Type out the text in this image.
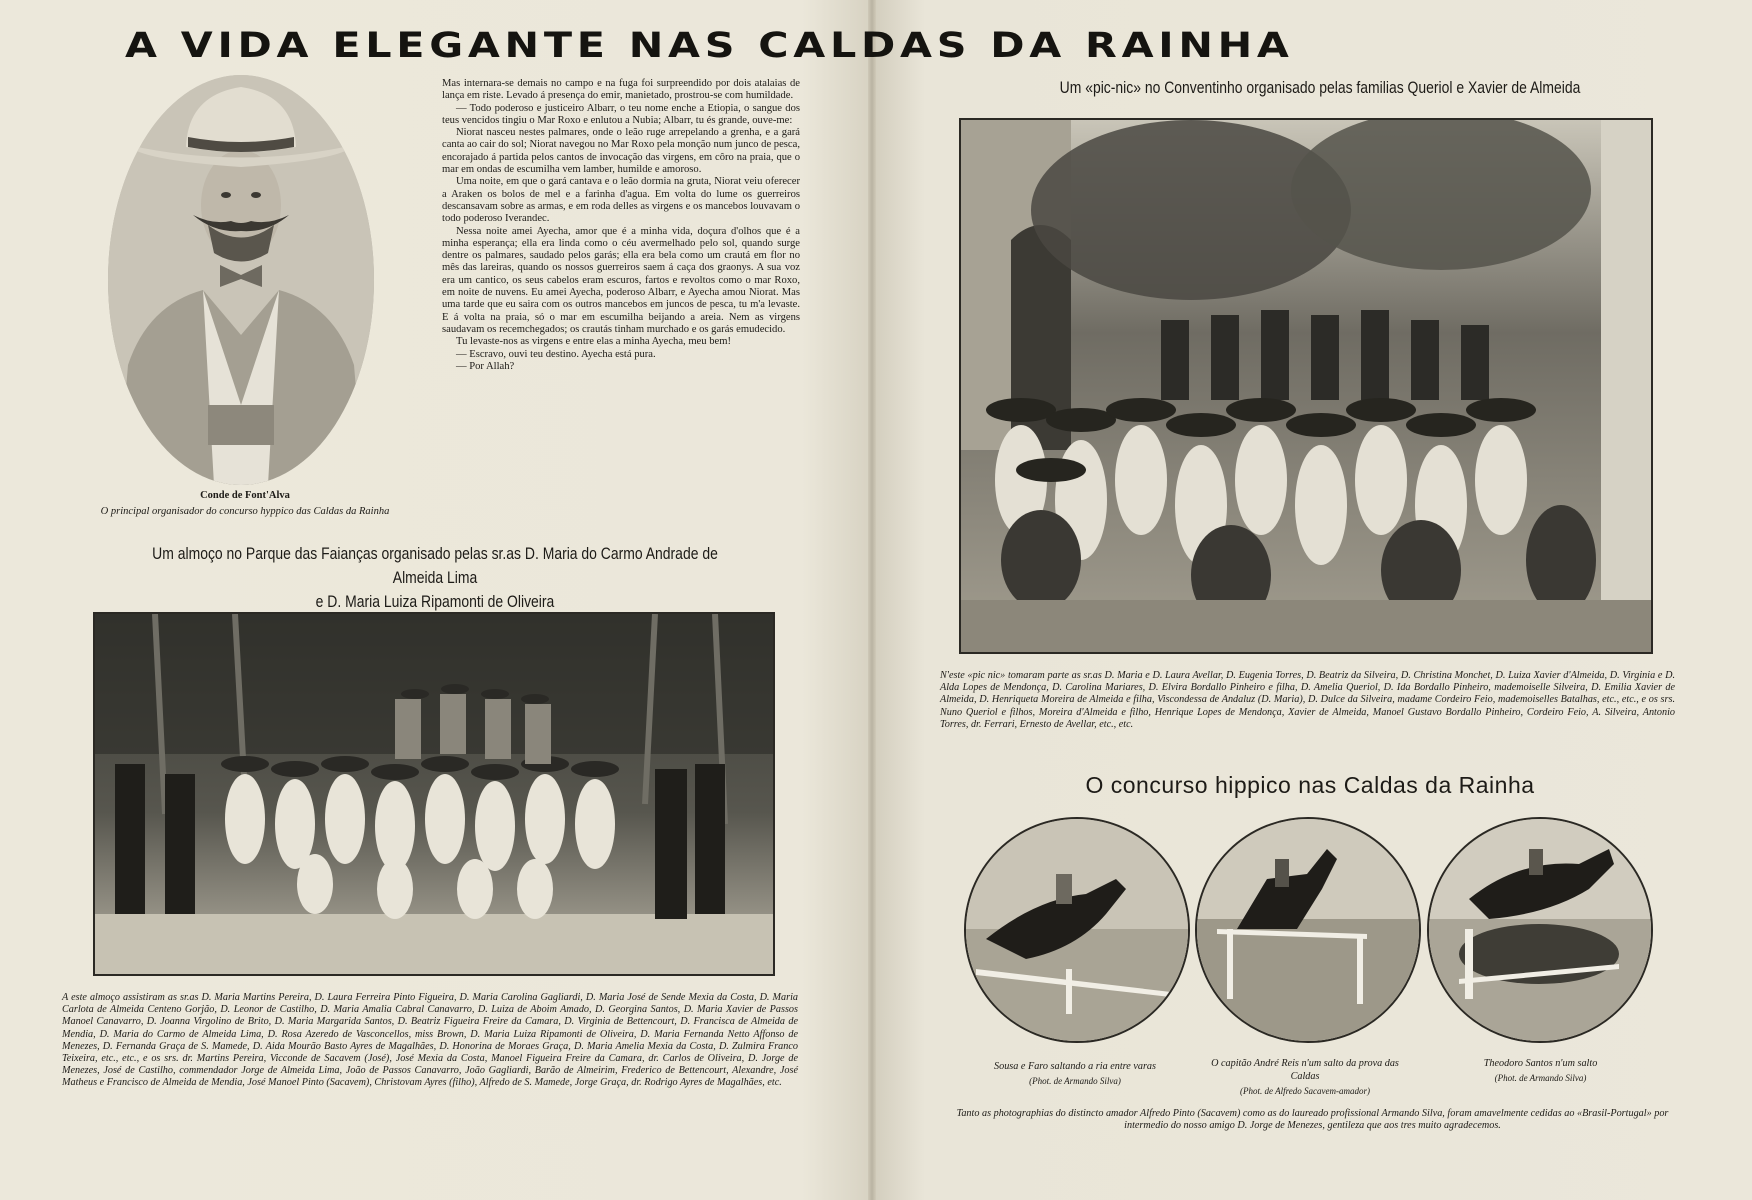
A VIDA ELEGANTE NAS CALDAS DA RAINHA
Conde de Font'Alva
O principal organisador do concurso hyppico das Caldas da Rainha

Mas internara-se demais no campo e na fuga foi surpreendido por dois atalaias de lança em riste. Levado á presença do emir, manietado, prostrou-se com humildade.

— Todo poderoso e justiceiro Albarr, o teu nome enche a Etiopia, o sangue dos teus vencidos tingiu o Mar Roxo e enlutou a Nubia; Albarr, tu és grande, ouve-me:

Niorat nasceu nestes palmares, onde o leão ruge arrepelando a grenha, e a gará canta ao cair do sol; Niorat navegou no Mar Roxo pela monção num junco de pesca, encorajado á partida pelos cantos de invocação das virgens, em côro na praia, que o mar em ondas de escumilha vem lamber, humilde e amoroso.

Uma noite, em que o gará cantava e o leão dormia na gruta, Niorat veiu oferecer a Araken os bolos de mel e a farinha d'agua. Em volta do lume os guerreiros descansavam sobre as armas, e em roda delles as virgens e os mancebos louvavam o todo poderoso Iverandec.

Nessa noite amei Ayecha, amor que é a minha vida, doçura d'olhos que é a minha esperança; ella era linda como o céu avermelhado pelo sol, quando surge dentre os palmares, saudado pelos garás; ella era bela como um crautá em flor no mês das lareiras, quando os nossos guerreiros saem á caça dos graonys. A sua voz era um cantico, os seus cabelos eram escuros, fartos e revoltos como o mar Roxo, em noite de nuvens. Eu amei Ayecha, poderoso Albarr, e Ayecha amou Niorat. Mas uma tarde que eu saira com os outros mancebos em juncos de pesca, tu m'a levaste. E á volta na praia, só o mar em escumilha beijando a areia. Nem as virgens saudavam os recemchegados; os crautás tinham murchado e os garás emudecido.

Tu levaste-nos as virgens e entre elas a minha Ayecha, meu bem!

— Escravo, ouvi teu destino. Ayecha está pura.

— Por Allah?

Um almoço no Parque das Faianças organisado pelas sr.as D. Maria do Carmo Andrade de Almeida Lima
e D. Maria Luiza Ripamonti de Oliveira
A este almoço assistiram as sr.as D. Maria Martins Pereira, D. Laura Ferreira Pinto Figueira, D. Maria Carolina Gagliardi, D. Maria José de Sende Mexia da Costa, D. Maria Carlota de Almeida Centeno Gorjão, D. Leonor de Castilho, D. Maria Amalia Cabral Canavarro, D. Luiza de Aboim Amado, D. Georgina Santos, D. Maria Xavier de Passos Manoel Canavarro, D. Joanna Virgolino de Brito, D. Maria Margarida Santos, D. Beatriz Figueira Freire da Camara, D. Virginia de Bettencourt, D. Francisca de Almeida de Mendia, D. Maria do Carmo de Almeida Lima, D. Rosa Azeredo de Vasconcellos, miss Brown, D. Maria Luiza Ripamonti de Oliveira, D. Maria Fernanda Netto Affonso de Menezes, D. Fernanda Graça de S. Mamede, D. Aida Mourão Basto Ayres de Magalhães, D. Honorina de Moraes Graça, D. Maria Amelia Mexia da Costa, D. Zulmira Franco Teixeira, etc., etc., e os srs. dr. Martins Pereira, Vicconde de Sacavem (José), José Mexia da Costa, Manoel Figueira Freire da Camara, dr. Carlos de Oliveira, D. Jorge de Menezes, José de Castilho, commendador Jorge de Almeida Lima, João de Passos Canavarro, João Gagliardi, Barão de Almeirim, Frederico de Bettencourt, Alexandre, José Matheus e Francisco de Almeida de Mendia, José Manoel Pinto (Sacavem), Christovam Ayres (filho), Alfredo de S. Mamede, Jorge Graça, dr. Rodrigo Ayres de Magalhães, etc.
Um «pic-nic» no Conventinho organisado pelas familias Queriol e Xavier de Almeida
N'este «pic nic» tomaram parte as sr.as D. Maria e D. Laura Avellar, D. Eugenia Torres, D. Beatriz da Silveira, D. Christina Monchet, D. Luiza Xavier d'Almeida, D. Virginia e D. Alda Lopes de Mendonça, D. Carolina Mariares, D. Elvira Bordallo Pinheiro e filha, D. Amelia Queriol, D. Ida Bordallo Pinheiro, mademoiselle Silveira, D. Emilia Xavier de Almeida, D. Henriqueta Moreira de Almeida e filha, Viscondessa de Andaluz (D. Maria), D. Dulce da Silveira, madame Cordeiro Feio, mademoiselles Batalhas, etc., etc., e os srs. Nuno Queriol e filhos, Moreira d'Almeida e filho, Henrique Lopes de Mendonça, Xavier de Almeida, Manoel Gustavo Bordallo Pinheiro, Cordeiro Feio, A. Silveira, Antonio Torres, dr. Ferrari, Ernesto de Avellar, etc., etc.
O concurso hippico nas Caldas da Rainha
Sousa e Faro saltando a ria entre varas
(Phot. de Armando Silva)
O capitão André Reis n'um salto da prova das Caldas
(Phot. de Alfredo Sacavem-amador)
Theodoro Santos n'um salto
(Phot. de Armando Silva)
Tanto as photographias do distincto amador Alfredo Pinto (Sacavem) como as do laureado profissional Armando Silva, foram amavelmente cedidas ao «Brasil-Portugal» por intermedio do nosso amigo D. Jorge de Menezes, gentileza que aos tres muito agradecemos.
